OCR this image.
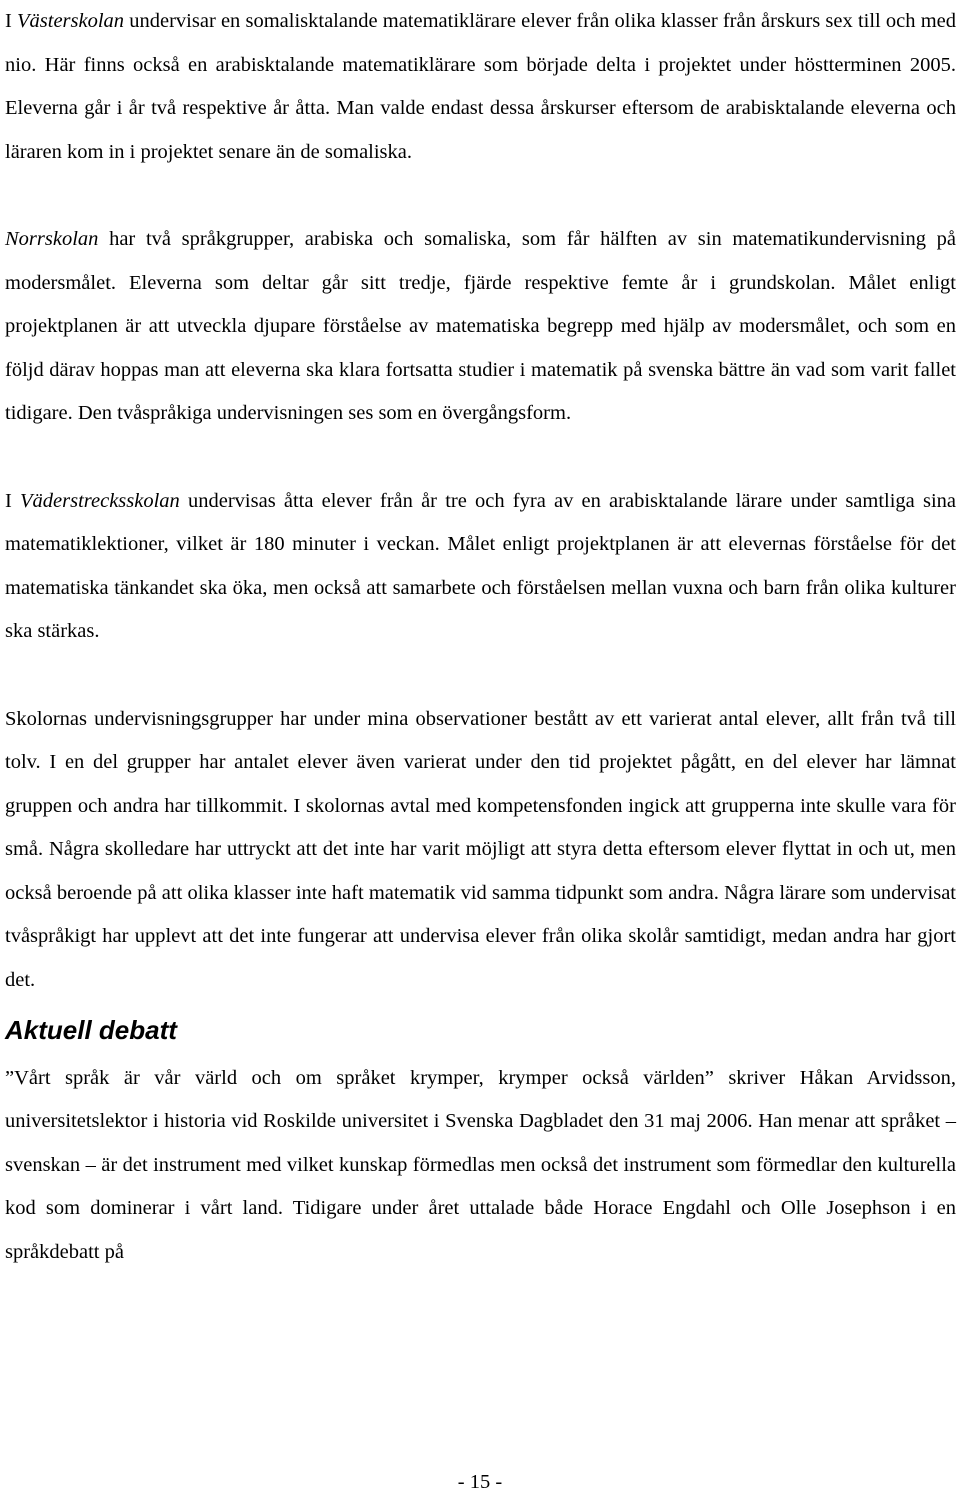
I Västerskolan undervisar en somalisktalande matematiklärare elever från olika klasser från årskurs sex till och med nio. Här finns också en arabisktalande matematiklärare som började delta i projektet under höstterminen 2005. Eleverna går i år två respektive år åtta. Man valde endast dessa årskurser eftersom de arabisktalande eleverna och läraren kom in i projektet senare än de somaliska.

Norrskolan har två språkgrupper, arabiska och somaliska, som får hälften av sin matematikundervisning på modersmålet. Eleverna som deltar går sitt tredje, fjärde respektive femte år i grundskolan. Målet enligt projektplanen är att utveckla djupare förståelse av matematiska begrepp med hjälp av modersmålet, och som en följd därav hoppas man att eleverna ska klara fortsatta studier i matematik på svenska bättre än vad som varit fallet tidigare. Den tvåspråkiga undervisningen ses som en övergångsform.

I Väderstrecksskolan undervisas åtta elever från år tre och fyra av en arabisktalande lärare under samtliga sina matematiklektioner, vilket är 180 minuter i veckan. Målet enligt projektplanen är att elevernas förståelse för det matematiska tänkandet ska öka, men också att samarbete och förståelsen mellan vuxna och barn från olika kulturer ska stärkas.

Skolornas undervisningsgrupper har under mina observationer bestått av ett varierat antal elever, allt från två till tolv. I en del grupper har antalet elever även varierat under den tid projektet pågått, en del elever har lämnat gruppen och andra har tillkommit. I skolornas avtal med kompetensfonden ingick att grupperna inte skulle vara för små. Några skolledare har uttryckt att det inte har varit möjligt att styra detta eftersom elever flyttat in och ut, men också beroende på att olika klasser inte haft matematik vid samma tidpunkt som andra. Några lärare som undervisat tvåspråkigt har upplevt att det inte fungerar att undervisa elever från olika skolår samtidigt, medan andra har gjort det.

Aktuell debatt

”Vårt språk är vår värld och om språket krymper, krymper också världen” skriver Håkan Arvidsson, universitetslektor i historia vid Roskilde universitet i Svenska Dagbladet den 31 maj 2006. Han menar att språket – svenskan – är det instrument med vilket kunskap förmedlas men också det instrument som förmedlar den kulturella kod som dominerar i vårt land. Tidigare under året uttalade både Horace Engdahl och Olle Josephson i en språkdebatt på

- 15 -
